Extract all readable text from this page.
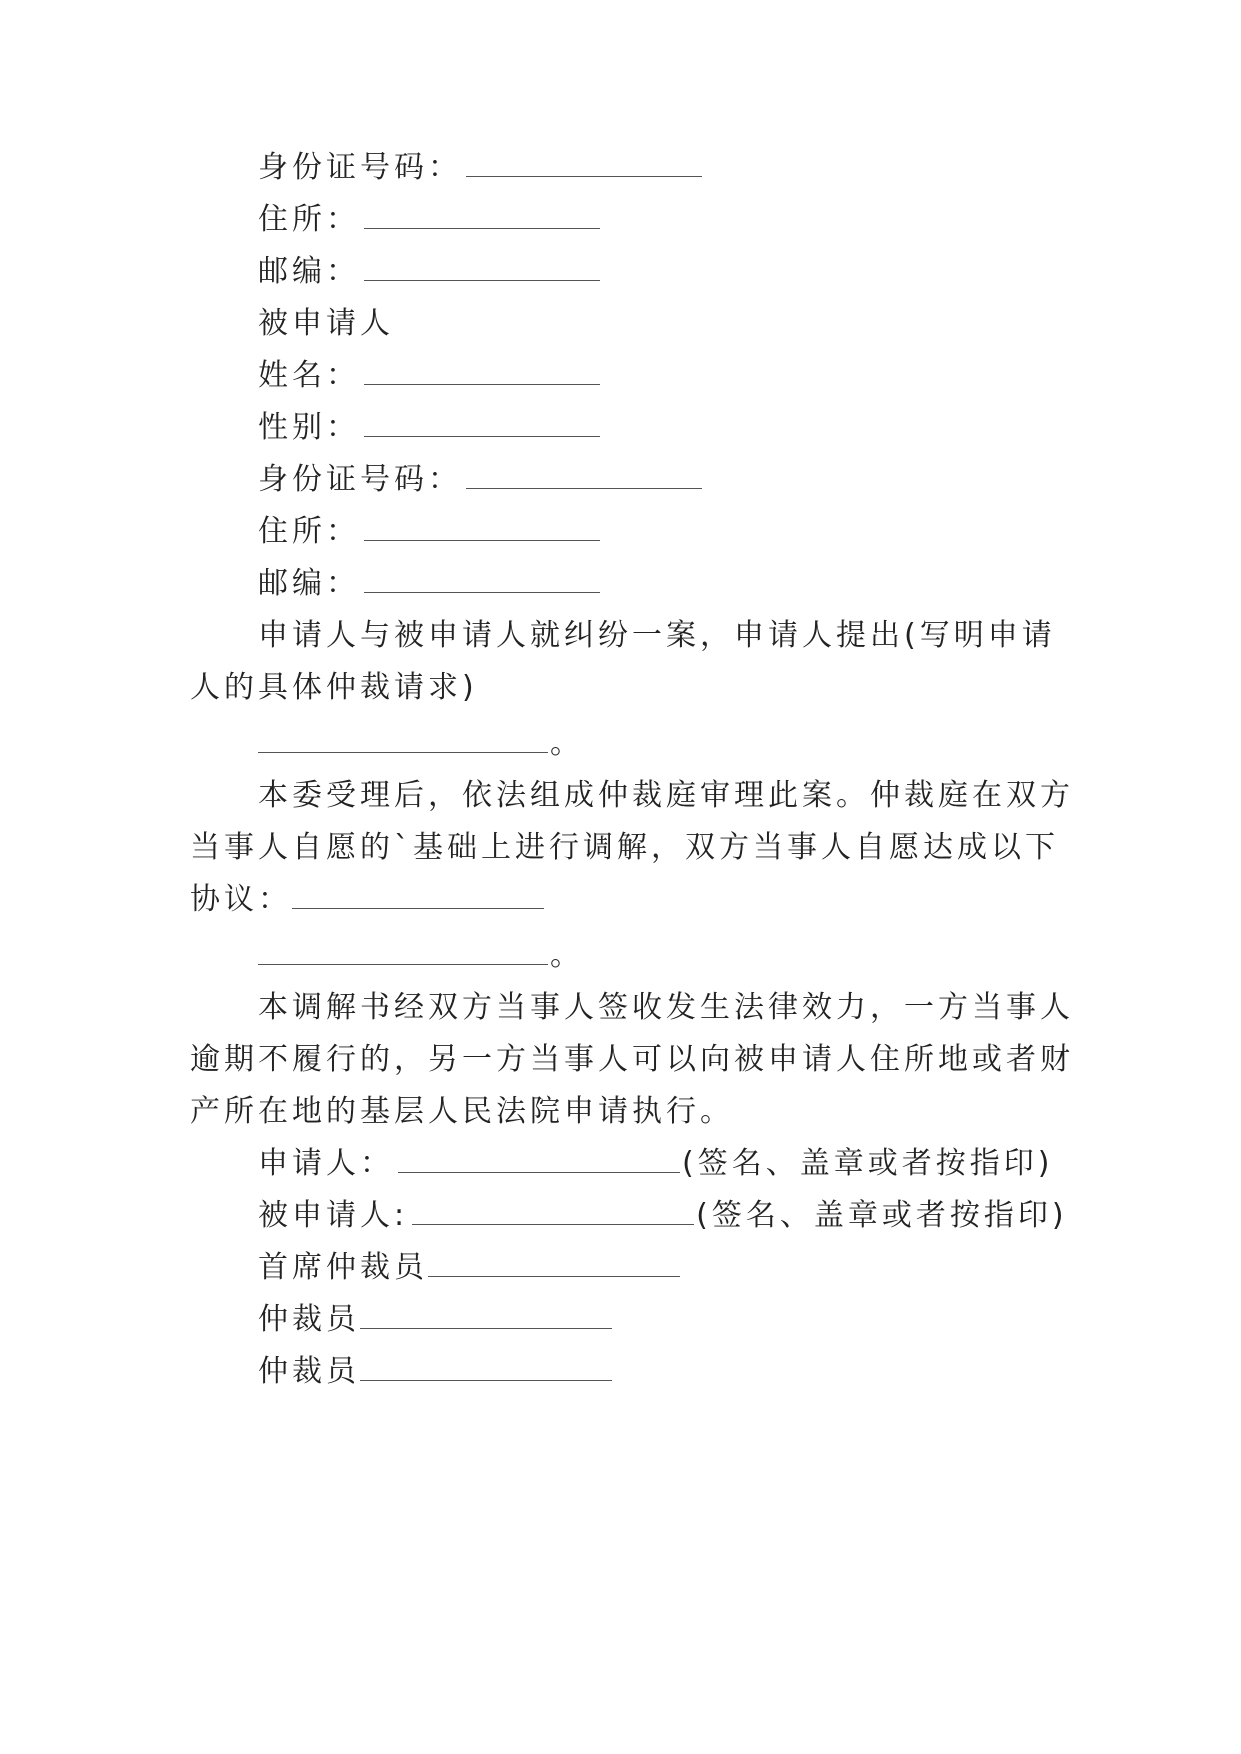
身份证号码：
住所：
邮编：
被申请人
姓名：
性别：
身份证号码：
住所：
邮编：
申请人与被申请人就纠纷一案，申请人提出(写明申请
人的具体仲裁请求)
。
本委受理后，依法组成仲裁庭审理此案。仲裁庭在双方
当事人自愿的`基础上进行调解，双方当事人自愿达成以下
协议：
。
本调解书经双方当事人签收发生法律效力，一方当事人
逾期不履行的，另一方当事人可以向被申请人住所地或者财
产所在地的基层人民法院申请执行。
申请人：	(签名、盖章或者按指印)
被申请人:	(签名、盖章或者按指印)
首席仲裁员
仲裁员
仲裁员
